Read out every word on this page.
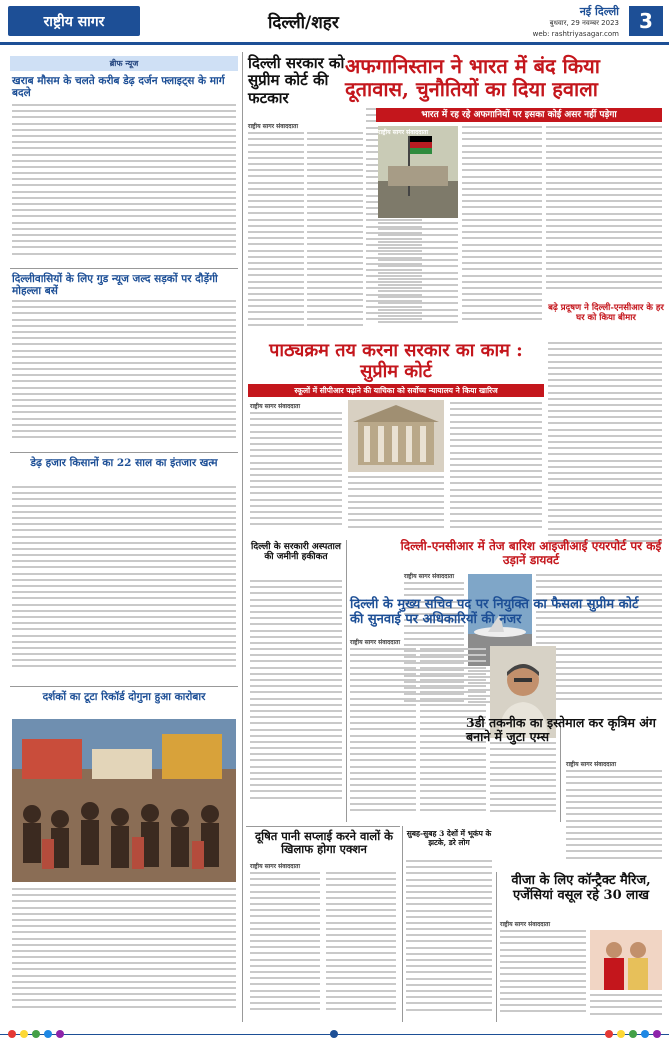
राष्ट्रीय सागर	दिल्ली/शहर
नई दिल्ली
बुधवार, 29 नवम्बर 2023
web: rashtriyasagar.com
3
ब्रीफ न्यूज
खराब मौसम के चलते करीब डेढ़ दर्जन फ्लाइट्स के मार्ग बदले
दिल्लीवासियों के लिए गुड न्यूज जल्द सड़कों पर दौड़ेंगी मोहल्ला बसें
डेढ़ हजार किसानों का 22 साल का इंतजार खत्म
दर्शकों का टूटा रिकॉर्ड दोगुना हुआ कारोबार
दिल्ली सरकार को सुप्रीम कोर्ट की फटकार
राष्ट्रीय सागर संवाददाता
अफगानिस्तान ने भारत में बंद किया दूतावास, चुनौतियों का दिया हवाला
भारत में रह रहे अफगानियों पर इसका कोई असर नहीं पड़ेगा
राष्ट्रीय सागर संवाददाता
बढ़े प्रदूषण ने दिल्ली-एनसीआर के हर घर को किया बीमार
पाठ्यक्रम तय करना सरकार का काम : सुप्रीम कोर्ट
स्कूलों में सीपीआर पढ़ाने की याचिका को सर्वोच्च न्यायालय ने किया खारिज
राष्ट्रीय सागर संवाददाता
दिल्ली-एनसीआर में तेज बारिश आइजीआई एयरपोर्ट पर कई उड़ानें डायवर्ट
राष्ट्रीय सागर संवाददाता
दिल्ली के सरकारी अस्पताल की जमीनी हकीकत
दिल्ली के मुख्य सचिव पद पर नियुक्ति का फैसला सुप्रीम कोर्ट की सुनवाई पर अधिकारियों की नजर
राष्ट्रीय सागर संवाददाता
3डी तकनीक का इस्तेमाल कर कृत्रिम अंग बनाने में जुटा एम्स
राष्ट्रीय सागर संवाददाता
दूषित पानी सप्लाई करने वालों के खिलाफ होगा एक्शन
राष्ट्रीय सागर संवाददाता
सुबह-सुबह 3 देशों में भूकंप के झटके, डरे लोग
वीजा के लिए कॉन्ट्रैक्ट मैरिज, एजेंसियां वसूल रहे 30 लाख
राष्ट्रीय सागर संवाददाता
